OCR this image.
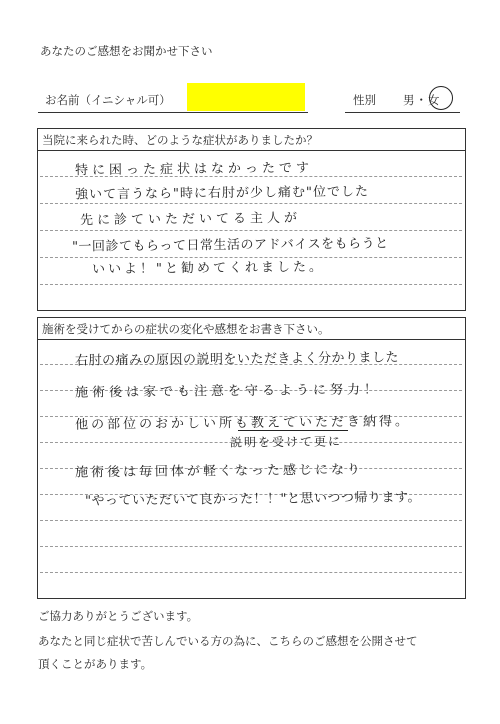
あなたのご感想をお聞かせ下さい
お名前（イニシャル可）	性別 男・女
当院に来られた時、どのような症状がありましたか？
特に困った症状はなかったです
強いて言うなら"時に右肘が少し痛む"位でした
先に診ていただいてる主人が
"一回診てもらって日常生活のアドバイスをもらうと
いいよ！"と勧めてくれました。
施術を受けてからの症状の変化や感想をお書き下さい。
右肘の痛みの原因の説明をいただきよく分かりました
施術後は家でも注意を守るように努力！
他の部位のおかしい所も教えていただき納得。
説明を受けて更に
施術後は毎回体が軽くなった感じになり
"やっていただいて良かった！！"と思いつつ帰ります。
ご協力ありがとうございます。
あなたと同じ症状で苦しんでいる方の為に、こちらのご感想を公開させて
頂くことがあります。
